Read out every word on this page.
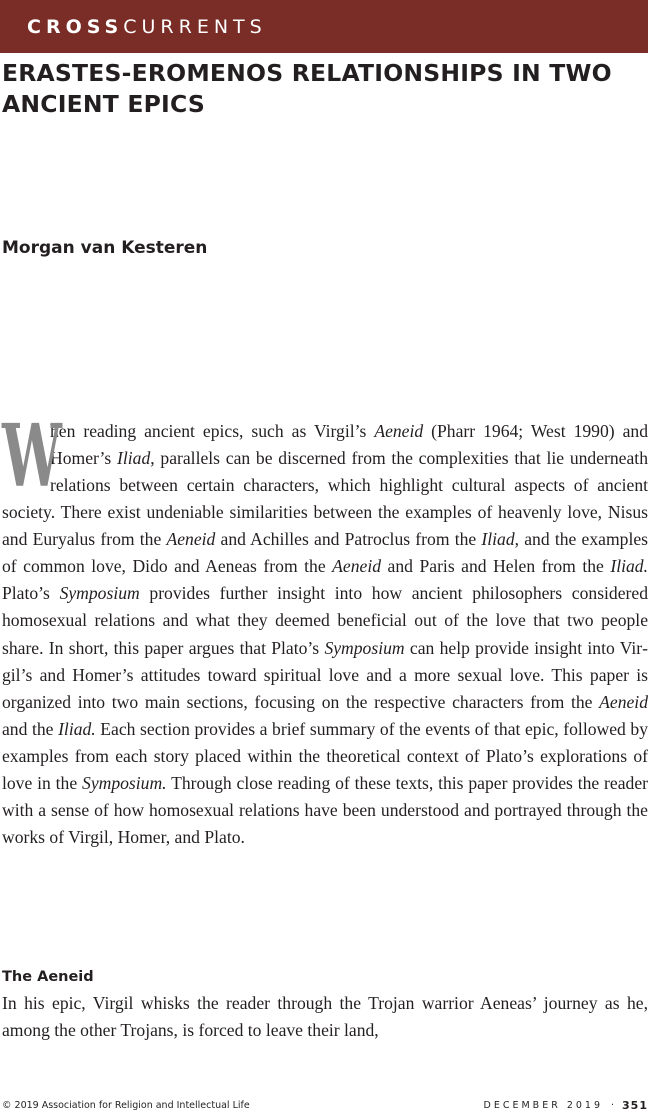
CROSS CURRENTS
ERASTES-EROMENOS RELATIONSHIPS IN TWO
ANCIENT EPICS
Morgan van Kesteren
W
hen reading ancient epics, such as Virgil’s Aeneid (Pharr 1964; West 1990) and Homer’s Iliad, parallels can be discerned from the complexities that lie underneath relations between certain characters, which highlight cultural aspects of ancient society. There exist undeniable similarities between the examples of heavenly love, Nisus and Euryalus from the Aeneid and Achilles and Patroclus from the Iliad, and the examples of common love, Dido and Aeneas from the Aeneid and Paris and Helen from the Iliad. Plato’s Symposium provides further insight into how ancient philosophers considered homosexual relations and what they deemed beneficial out of the love that two people share. In short, this paper argues that Plato’s Symposium can help provide insight into Virgil’s and Homer’s attitudes toward spiritual love and a more sexual love. This paper is organized into two main sections, focusing on the respective characters from the Aeneid and the Iliad. Each section provides a brief summary of the events of that epic, followed by examples from each story placed within the theoretical context of Plato’s explorations of love in the Symposium. Through close reading of these texts, this paper provides the reader with a sense of how homosexual relations have been understood and portrayed through the works of Virgil, Homer, and Plato.
The Aeneid
In his epic, Virgil whisks the reader through the Trojan warrior Aeneas’ journey as he, among the other Trojans, is forced to leave their land,
© 2019 Association for Religion and Intellectual Life	DECEMBER 2019 · 351
